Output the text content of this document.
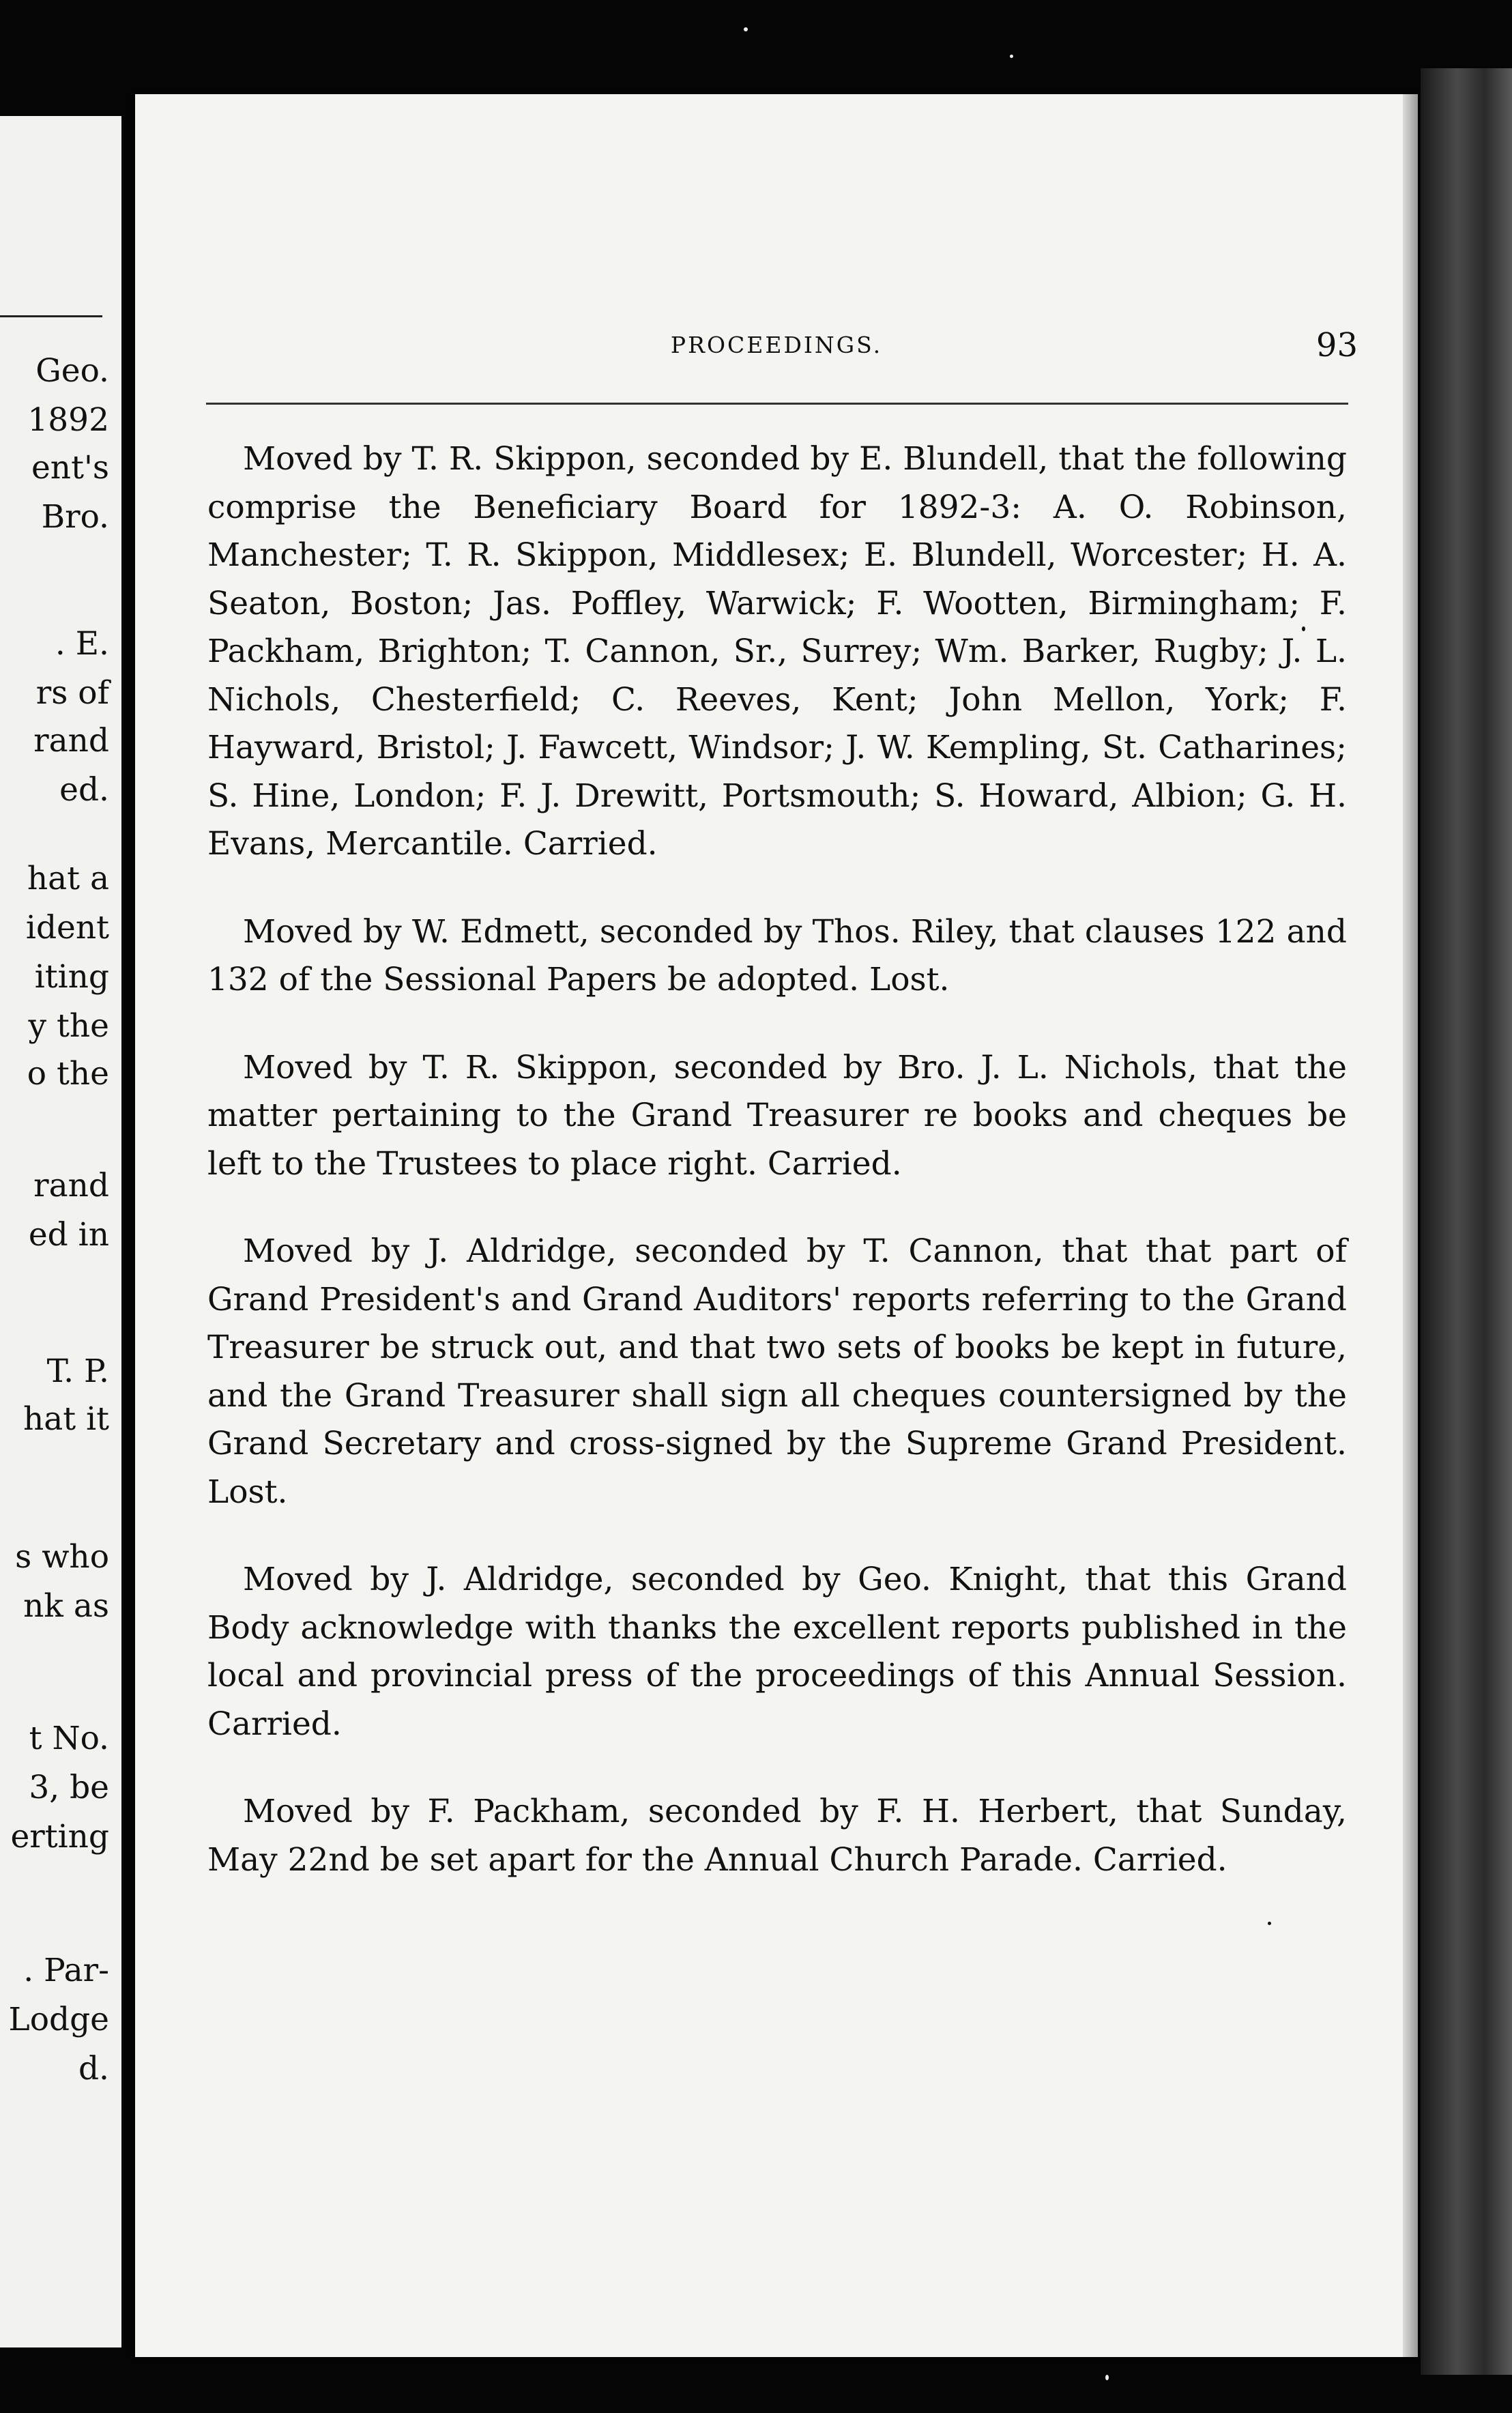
Geo.
1892
ent's
Bro.
. E.
rs of
rand
ed.
hat a
ident
iting
y the
o the
rand
ed in
T. P.
hat it
s who
nk as
t No.
3, be
erting
. Par-
Lodge
d.
PROCEEDINGS.	93

Moved by T. R. Skippon, seconded by E. Blundell, that the following comprise the Beneficiary Board for 1892-3: A. O. Robinson, Manchester; T. R. Skippon, Middlesex; E. Blundell, Worcester; H. A. Seaton, Boston; Jas. Poffley, Warwick; F. Wootten, Birmingham; F. Packham, Brighton; T. Cannon, Sr., Surrey; Wm. Barker, Rugby; J. L. Nichols, Chesterfield; C. Reeves, Kent; John Mellon, York; F. Hayward, Bristol; J. Fawcett, Windsor; J. W. Kempling, St. Catharines; S. Hine, London; F. J. Drewitt, Portsmouth; S. Howard, Albion; G. H. Evans, Mercantile. Carried.

Moved by W. Edmett, seconded by Thos. Riley, that clauses 122 and 132 of the Sessional Papers be adopted. Lost.

Moved by T. R. Skippon, seconded by Bro. J. L. Nichols, that the matter pertaining to the Grand Treasurer re books and cheques be left to the Trustees to place right. Carried.

Moved by J. Aldridge, seconded by T. Cannon, that that part of Grand President's and Grand Auditors' reports referring to the Grand Treasurer be struck out, and that two sets of books be kept in future, and the Grand Treasurer shall sign all cheques countersigned by the Grand Secretary and cross-signed by the Supreme Grand President. Lost.

Moved by J. Aldridge, seconded by Geo. Knight, that this Grand Body acknowledge with thanks the excellent reports published in the local and provincial press of the proceedings of this Annual Session. Carried.

Moved by F. Packham, seconded by F. H. Herbert, that Sunday, May 22nd be set apart for the Annual Church Parade. Carried.
